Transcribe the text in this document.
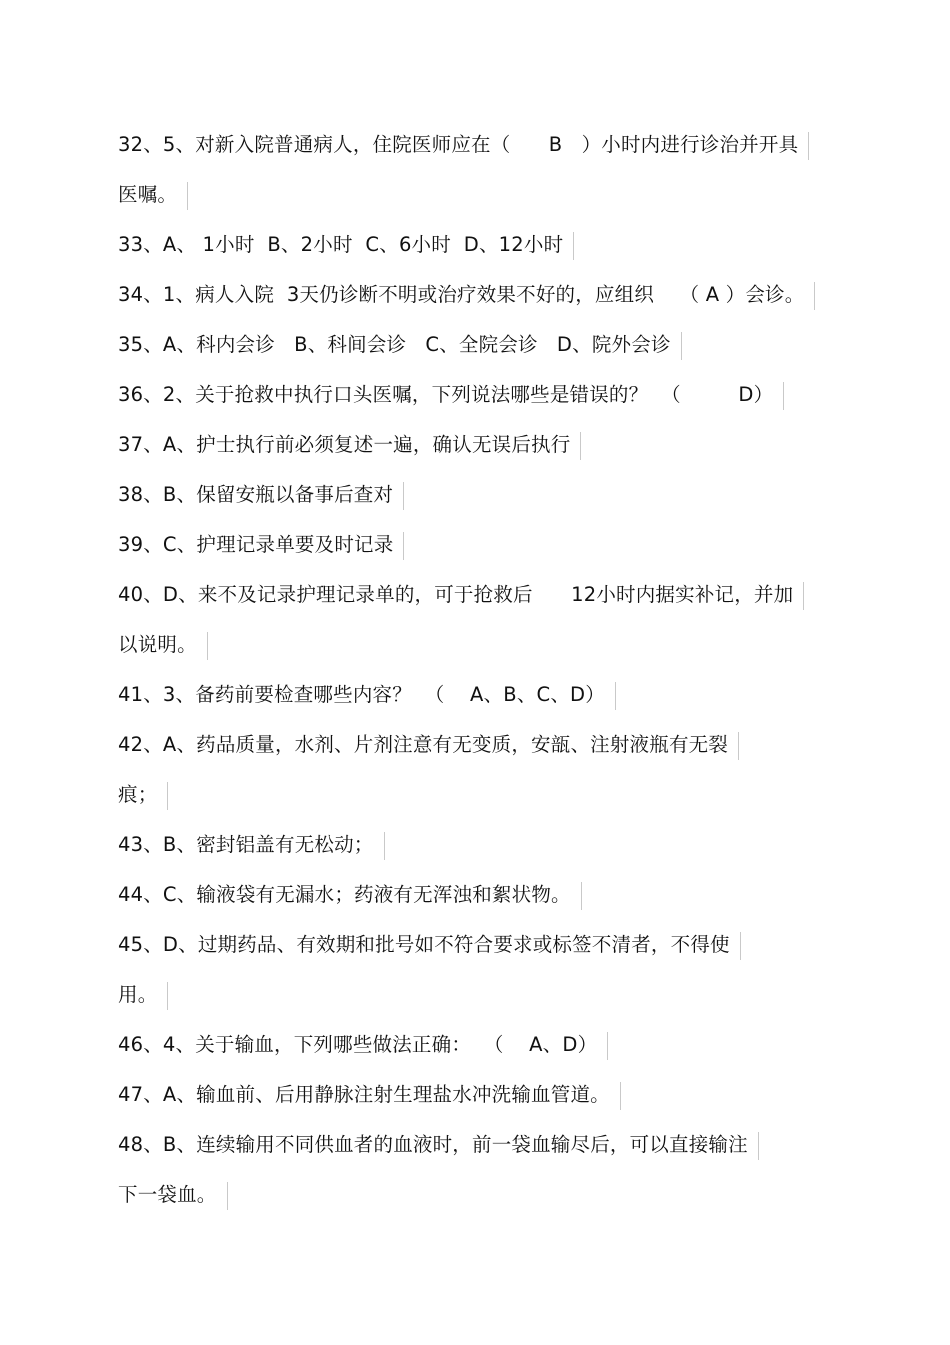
32、5、对新入院普通病人，住院医师应在（      B   ）小时内进行诊治并开具
医嘱。
33、A、 1小时  B、2小时  C、6小时  D、12小时
34、1、病人入院  3天仍诊断不明或治疗效果不好的，应组织    （ A ）会诊。
35、A、科内会诊   B、科间会诊   C、全院会诊   D、院外会诊
36、2、关于抢救中执行口头医嘱，下列说法哪些是错误的？  （         D）
37、A、护士执行前必须复述一遍，确认无误后执行
38、B、保留安瓶以备事后查对
39、C、护理记录单要及时记录
40、D、来不及记录护理记录单的，可于抢救后      12小时内据实补记，并加
以说明。
41、3、备药前要检查哪些内容？  （    A、B、C、D）
42、A、药品质量，水剂、片剂注意有无变质，安瓿、注射液瓶有无裂
痕；
43、B、密封铝盖有无松动；
44、C、输液袋有无漏水；药液有无浑浊和絮状物。
45、D、过期药品、有效期和批号如不符合要求或标签不清者，不得使
用。
46、4、关于输血，下列哪些做法正确：  （    A、D）
47、A、输血前、后用静脉注射生理盐水冲洗输血管道。
48、B、连续输用不同供血者的血液时，前一袋血输尽后，可以直接输注
下一袋血。
